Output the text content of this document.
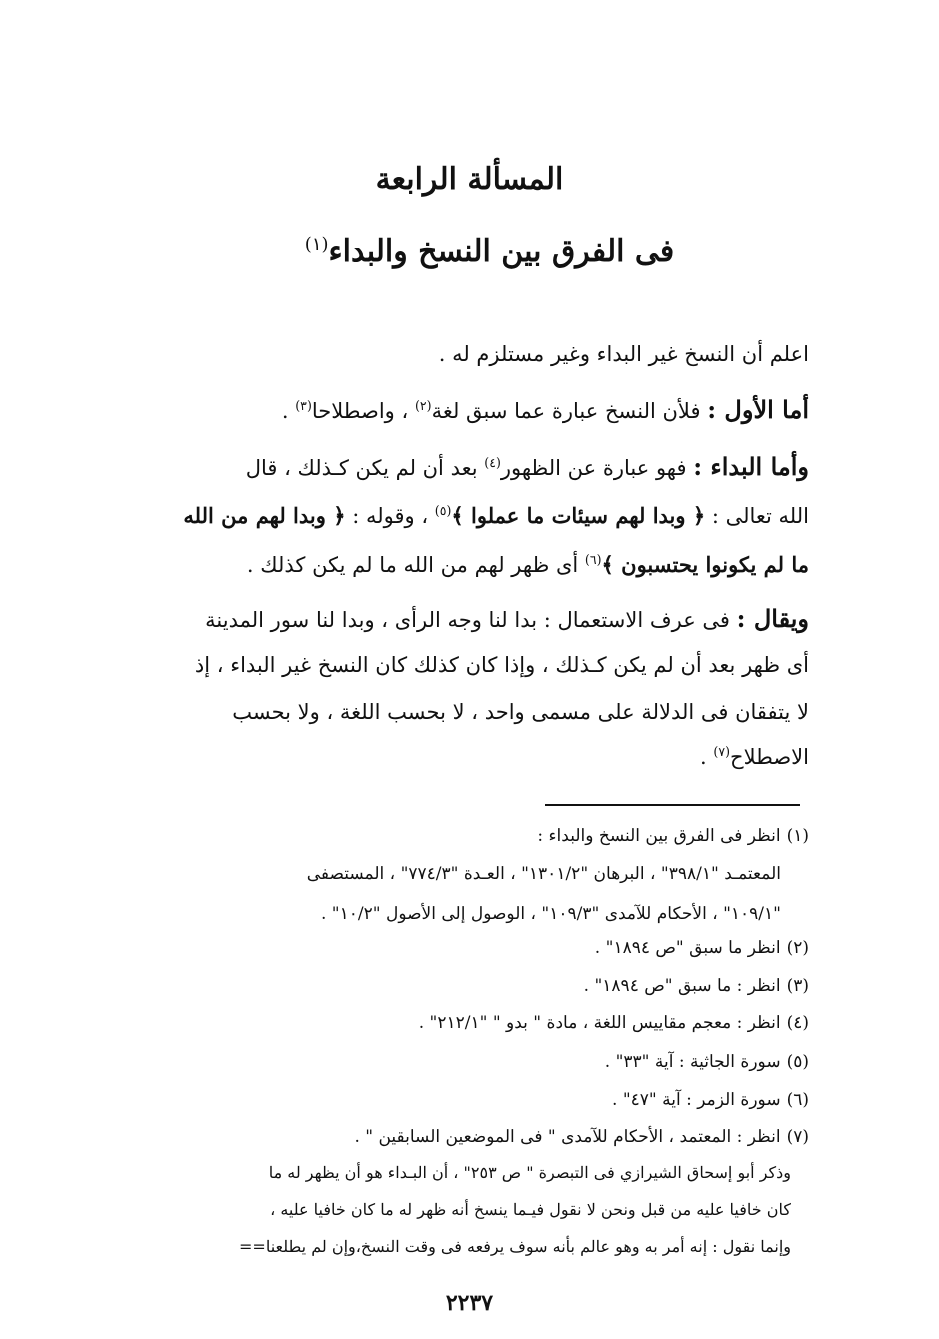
المسألة الرابعة
فى الفرق بين النسخ والبداء$^{(١)}$
اعلم أن النسخ غير البداء وغير مستلزم له .
أما الأول : فلأن النسخ عبارة عما سبق لغة$^{(٢)}$ ، واصطلاحا$^{(٣)}$ .
وأما البداء : فهو عبارة عن الظهور$^{(٤)}$ بعد أن لم يكن كـذلك ، قال
الله تعالى : ﴿ وبدا لهم سيئات ما عملوا ﴾$^{(٥)}$ ، وقوله : ﴿ وبدا لهم من الله
ما لم يكونوا يحتسبون ﴾$^{(٦)}$ أى ظهر لهم من الله ما لم يكن كذلك .
ويقال : فى عرف الاستعمال : بدا لنا وجه الرأى ، وبدا لنا سور المدينة
أى ظهر بعد أن لم يكن كـذلك ، وإذا كان كذلك كان النسخ غير البداء ، إذ
لا يتفقان فى الدلالة على مسمى واحد ، لا بحسب اللغة ، ولا بحسب
الاصطلاح$^{(٧)}$ .
(١)انظر فى الفرق بين النسخ والبداء :
المعتمـد "٣٩٨/١" ، البرهان "١٣٠١/٢" ، العـدة "٧٧٤/٣" ، المستصفى
"١٠٩/١" ، الأحكام للآمدى "١٠٩/٣" ، الوصول إلى الأصول "١٠/٢" .
(٢)انظر ما سبق "ص ١٨٩٤" .
(٣)انظر : ما سبق "ص ١٨٩٤" .
(٤)انظر : معجم مقاييس اللغة ، مادة " بدو " "٢١٢/١" .
(٥)سورة الجاثية : آية "٣٣" .
(٦)سورة الزمر : آية "٤٧" .
(٧)انظر : المعتمد ، الأحكام للآمدى " فى الموضعين السابقين " .
وذكر أبو إسحاق الشيرازي فى التبصرة " ص ٢٥٣" ، أن البـداء هو أن يظهر له ما
كان خافيا عليه من قبل ونحن لا نقول فيـما ينسخ أنه ظهر له ما كان خافيا عليه ،
وإنما نقول : إنه أمر به وهو عالم بأنه سوف يرفعه فى وقت النسخ،وإن لم يطلعنا==
٢٢٣٧
